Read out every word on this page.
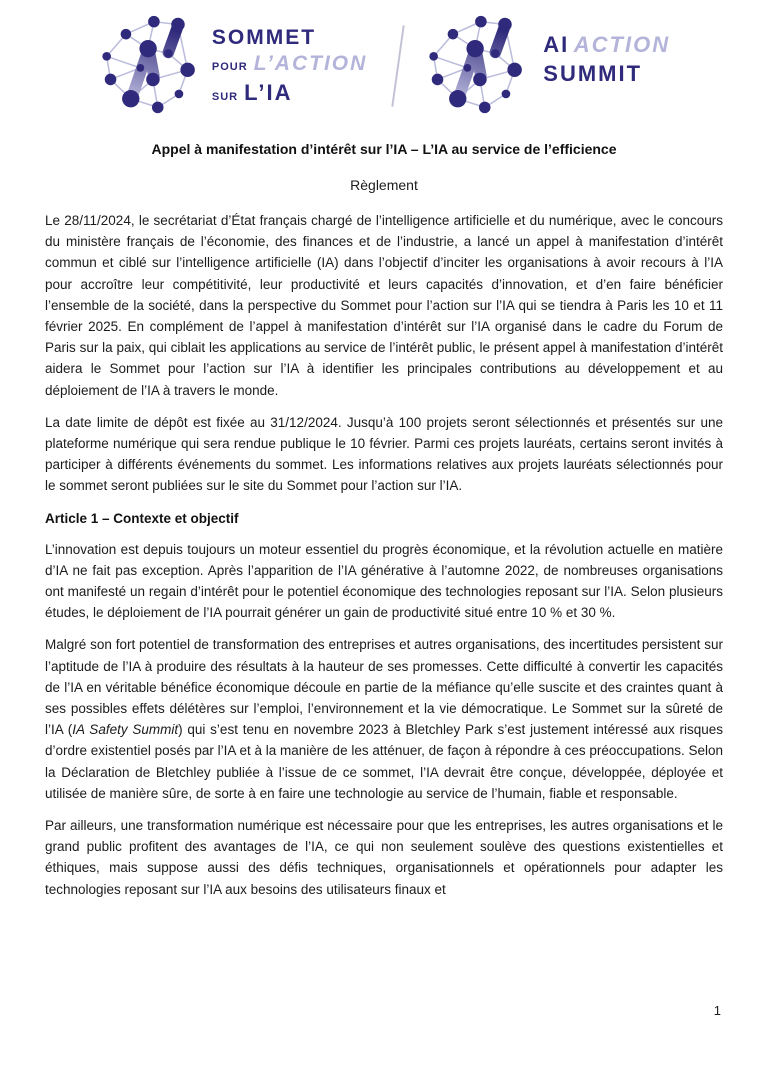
SOMMET
POUR L’ACTION
SUR L’IA
AI ACTION
SUMMIT
Appel à manifestation d’intérêt sur l’IA – L’IA au service de l’efficience
Règlement

Le 28/11/2024, le secrétariat d’État français chargé de l’intelligence artificielle et du numérique, avec le concours du ministère français de l’économie, des finances et de l’industrie, a lancé un appel à manifestation d’intérêt commun et ciblé sur l’intelligence artificielle (IA) dans l’objectif d’inciter les organisations à avoir recours à l’IA pour accroître leur compétitivité, leur productivité et leurs capacités d’innovation, et d’en faire bénéficier l’ensemble de la société, dans la perspective du Sommet pour l’action sur l’IA qui se tiendra à Paris les 10 et 11 février 2025. En complément de l’appel à manifestation d’intérêt sur l’IA organisé dans le cadre du Forum de Paris sur la paix, qui ciblait les applications au service de l’intérêt public, le présent appel à manifestation d’intérêt aidera le Sommet pour l’action sur l’IA à identifier les principales contributions au développement et au déploiement de l’IA à travers le monde.

La date limite de dépôt est fixée au 31/12/2024. Jusqu’à 100 projets seront sélectionnés et présentés sur une plateforme numérique qui sera rendue publique le 10 février. Parmi ces projets lauréats, certains seront invités à participer à différents événements du sommet. Les informations relatives aux projets lauréats sélectionnés pour le sommet seront publiées sur le site du Sommet pour l’action sur l’IA.

Article 1 – Contexte et objectif

L’innovation est depuis toujours un moteur essentiel du progrès économique, et la révolution actuelle en matière d’IA ne fait pas exception. Après l’apparition de l’IA générative à l’automne 2022, de nombreuses organisations ont manifesté un regain d’intérêt pour le potentiel économique des technologies reposant sur l’IA. Selon plusieurs études, le déploiement de l’IA pourrait générer un gain de productivité situé entre 10 % et 30 %.

Malgré son fort potentiel de transformation des entreprises et autres organisations, des incertitudes persistent sur l’aptitude de l’IA à produire des résultats à la hauteur de ses promesses. Cette difficulté à convertir les capacités de l’IA en véritable bénéfice économique découle en partie de la méfiance qu’elle suscite et des craintes quant à ses possibles effets délétères sur l’emploi, l’environnement et la vie démocratique. Le Sommet sur la sûreté de l’IA (IA Safety Summit) qui s’est tenu en novembre 2023 à Bletchley Park s’est justement intéressé aux risques d’ordre existentiel posés par l’IA et à la manière de les atténuer, de façon à répondre à ces préoccupations. Selon la Déclaration de Bletchley publiée à l’issue de ce sommet, l’IA devrait être conçue, développée, déployée et utilisée de manière sûre, de sorte à en faire une technologie au service de l’humain, fiable et responsable.

Par ailleurs, une transformation numérique est nécessaire pour que les entreprises, les autres organisations et le grand public profitent des avantages de l’IA, ce qui non seulement soulève des questions existentielles et éthiques, mais suppose aussi des défis techniques, organisationnels et opérationnels pour adapter les technologies reposant sur l’IA aux besoins des utilisateurs finaux et

1
